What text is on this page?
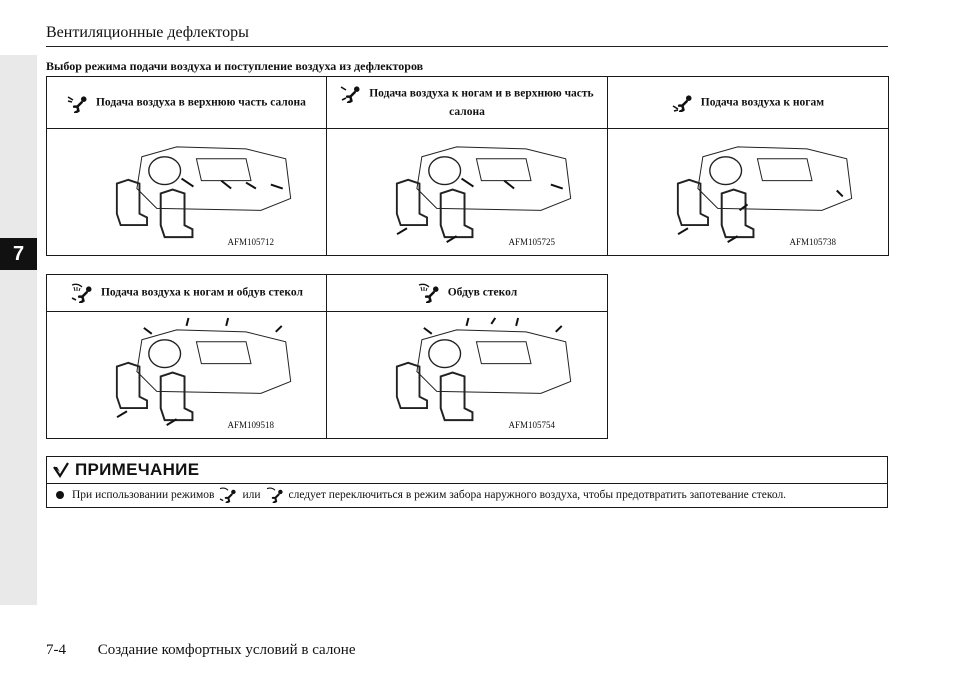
7
Вентиляционные дефлекторы
Выбор режима подачи воздуха и поступление воздуха из дефлекторов
Подача воздуха в верхнюю часть салона	Подача воздуха к ногам и в верхнюю часть салона	Подача воздуха к ногам

AFM105712	AFM105725	AFM105738
Подача воздуха к ногам и обдув стекол	Обдув стекол

AFM109518	AFM105754
ПРИМЕЧАНИЕ
При использовании режимов или следует переключиться в режим забора наружного воздуха, чтобы предотвратить запотевание стекол.
7-4 Создание комфортных условий в салоне
